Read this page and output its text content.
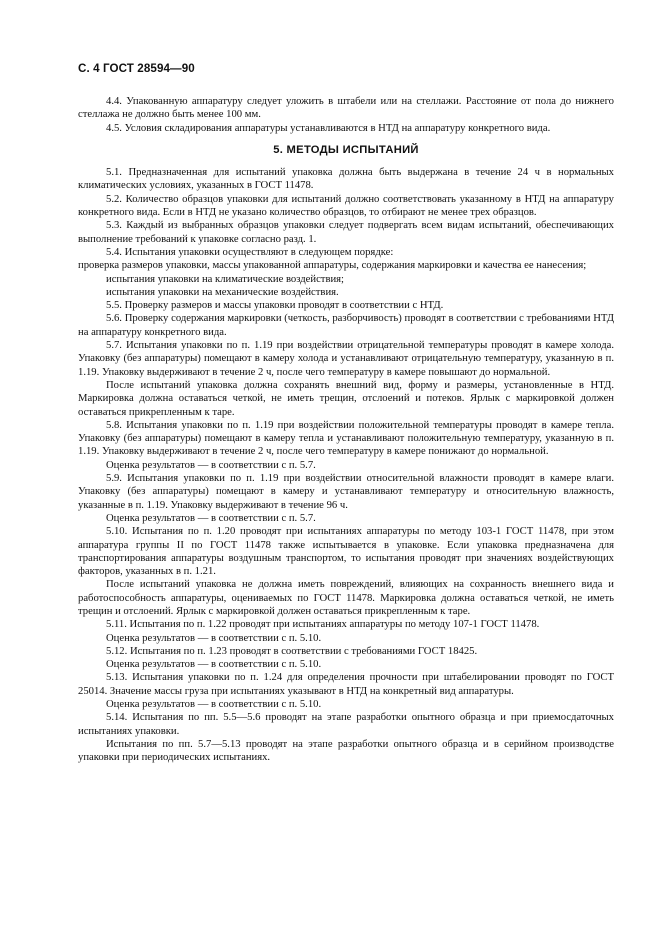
С. 4 ГОСТ 28594—90

4.4. Упакованную аппаратуру следует уложить в штабели или на стеллажи. Расстояние от пола до нижнего стеллажа не должно быть менее 100 мм.

4.5. Условия складирования аппаратуры устанавливаются в НТД на аппаратуру конкретного вида.

5. МЕТОДЫ ИСПЫТАНИЙ

5.1. Предназначенная для испытаний упаковка должна быть выдержана в течение 24 ч в нормальных климатических условиях, указанных в ГОСТ 11478.

5.2. Количество образцов упаковки для испытаний должно соответствовать указанному в НТД на аппаратуру конкретного вида. Если в НТД не указано количество образцов, то отбирают не менее трех образцов.

5.3. Каждый из выбранных образцов упаковки следует подвергать всем видам испытаний, обеспечивающих выполнение требований к упаковке согласно разд. 1.

5.4. Испытания упаковки осуществляют в следующем порядке:

проверка размеров упаковки, массы упакованной аппаратуры, содержания маркировки и качества ее нанесения;

испытания упаковки на климатические воздействия;

испытания упаковки на механические воздействия.

5.5. Проверку размеров и массы упаковки проводят в соответствии с НТД.

5.6. Проверку содержания маркировки (четкость, разборчивость) проводят в соответствии с требованиями НТД на аппаратуру конкретного вида.

5.7. Испытания упаковки по п. 1.19 при воздействии отрицательной температуры проводят в камере холода. Упаковку (без аппаратуры) помещают в камеру холода и устанавливают отрицательную температуру, указанную в п. 1.19. Упаковку выдерживают в течение 2 ч, после чего температуру в камере повышают до нормальной.

После испытаний упаковка должна сохранять внешний вид, форму и размеры, установленные в НТД. Маркировка должна оставаться четкой, не иметь трещин, отслоений и потеков. Ярлык с маркировкой должен оставаться прикрепленным к таре.

5.8. Испытания упаковки по п. 1.19 при воздействии положительной температуры проводят в камере тепла. Упаковку (без аппаратуры) помещают в камеру тепла и устанавливают положительную температуру, указанную в п. 1.19. Упаковку выдерживают в течение 2 ч, после чего температуру в камере понижают до нормальной.

Оценка результатов — в соответствии с п. 5.7.

5.9. Испытания упаковки по п. 1.19 при воздействии относительной влажности проводят в камере влаги. Упаковку (без аппаратуры) помещают в камеру и устанавливают температуру и относительную влажность, указанные в п. 1.19. Упаковку выдерживают в течение 96 ч.

Оценка результатов — в соответствии с п. 5.7.

5.10. Испытания по п. 1.20 проводят при испытаниях аппаратуры по методу 103-1 ГОСТ 11478, при этом аппаратура группы II по ГОСТ 11478 также испытывается в упаковке. Если упаковка предназначена для транспортирования аппаратуры воздушным транспортом, то испытания проводят при значениях воздействующих факторов, указанных в п. 1.21.

После испытаний упаковка не должна иметь повреждений, влияющих на сохранность внешнего вида и работоспособность аппаратуры, оцениваемых по ГОСТ 11478. Маркировка должна оставаться четкой, не иметь трещин и отслоений. Ярлык с маркировкой должен оставаться прикрепленным к таре.

5.11. Испытания по п. 1.22 проводят при испытаниях аппаратуры по методу 107-1 ГОСТ 11478.

Оценка результатов — в соответствии с п. 5.10.

5.12. Испытания по п. 1.23 проводят в соответствии с требованиями ГОСТ 18425.

Оценка результатов — в соответствии с п. 5.10.

5.13. Испытания упаковки по п. 1.24 для определения прочности при штабелировании проводят по ГОСТ 25014. Значение массы груза при испытаниях указывают в НТД на конкретный вид аппаратуры.

Оценка результатов — в соответствии с п. 5.10.

5.14. Испытания по пп. 5.5—5.6 проводят на этапе разработки опытного образца и при приемосдаточных испытаниях упаковки.

Испытания по пп. 5.7—5.13 проводят на этапе разработки опытного образца и в серийном производстве упаковки при периодических испытаниях.
